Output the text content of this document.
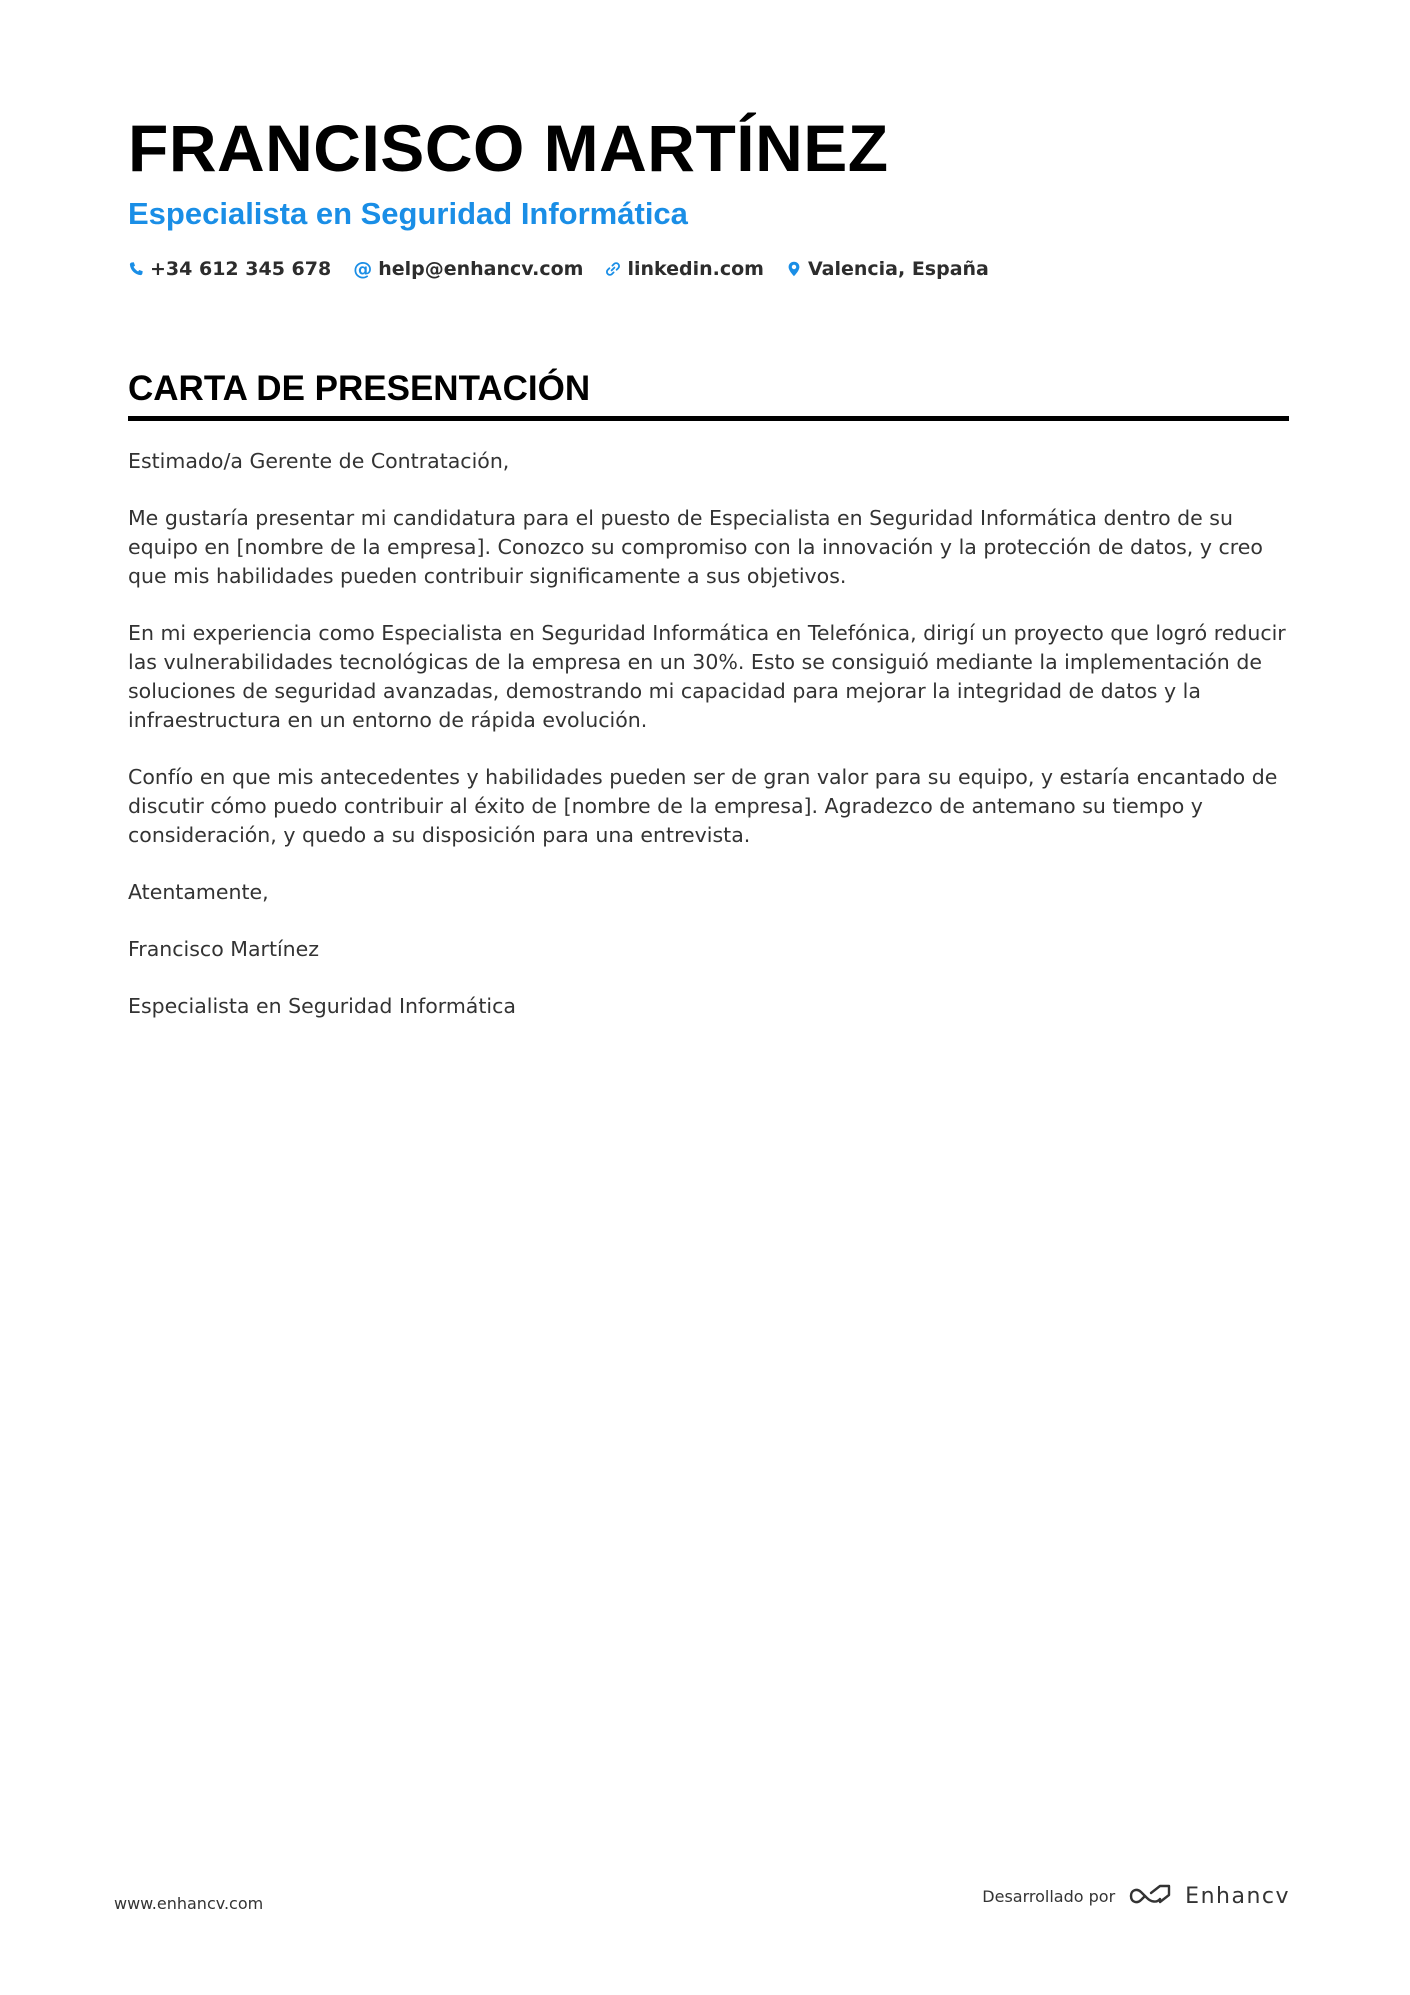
FRANCISCO MARTÍNEZ
Especialista en Seguridad Informática
+34 612 345 678 @ help@enhancv.com linkedin.com Valencia, España
CARTA DE PRESENTACIÓN

Estimado/a Gerente de Contratación,

Me gustaría presentar mi candidatura para el puesto de Especialista en Seguridad Informática dentro de su equipo en [nombre de la empresa]. Conozco su compromiso con la innovación y la protección de datos, y creo que mis habilidades pueden contribuir significamente a sus objetivos.

En mi experiencia como Especialista en Seguridad Informática en Telefónica, dirigí un proyecto que logró reducir las vulnerabilidades tecnológicas de la empresa en un 30%. Esto se consiguió mediante la implementación de soluciones de seguridad avanzadas, demostrando mi capacidad para mejorar la integridad de datos y la infraestructura en un entorno de rápida evolución.

Confío en que mis antecedentes y habilidades pueden ser de gran valor para su equipo, y estaría encantado de discutir cómo puedo contribuir al éxito de [nombre de la empresa]. Agradezco de antemano su tiempo y consideración, y quedo a su disposición para una entrevista.

Atentamente,

Francisco Martínez

Especialista en Seguridad Informática

www.enhancv.com	Desarrollado por	Enhancv
